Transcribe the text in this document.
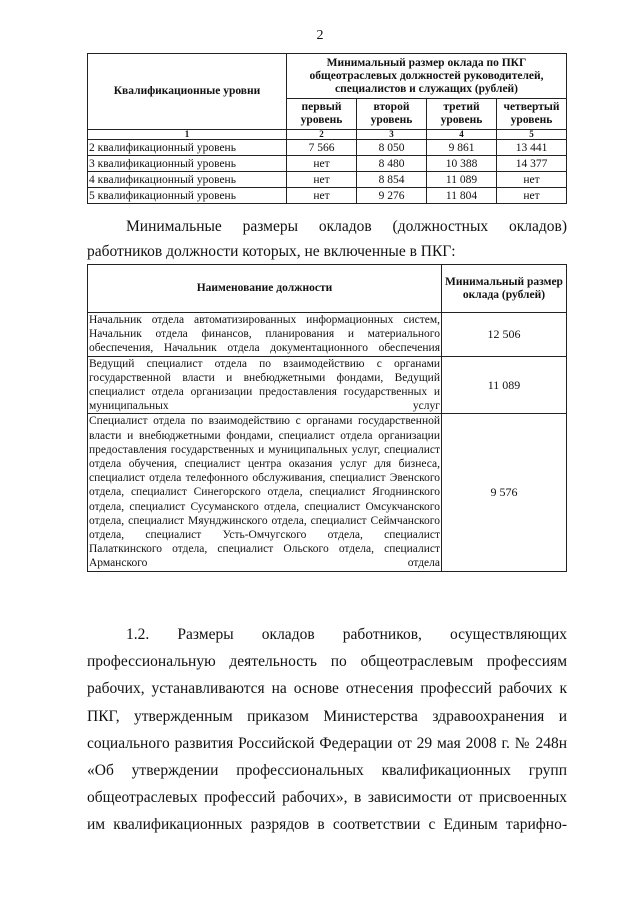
2
Квалификационные уровни	Минимальный размер оклада по ПКГ общеотраслевых должностей руководителей, специалистов и служащих (рублей)			
	первый уровень	второй уровень	третий уровень	четвертый уровень
1	2	3	4	5
2 квалификационный уровень	7 566	8 050	9 861	13 441
3 квалификационный уровень	нет	8 480	10 388	14 377
4 квалификационный уровень	нет	8 854	11 089	нет
5 квалификационный уровень	нет	9 276	11 804	нет
Минимальные размеры окладов (должностных окладов) работников должности которых, не включенные в ПКГ:
Наименование должности	Минимальный размер оклада (рублей)
Начальник отдела автоматизированных информационных систем, Начальник отдела финансов, планирования и материального обеспечения, Начальник отдела документационного обеспечения	12 506
Ведущий специалист отдела по взаимодействию с органами государственной власти и внебюджетными фондами, Ведущий специалист отдела организации предоставления государственных и муниципальных услуг	11 089
Специалист отдела по взаимодействию с органами государственной власти и внебюджетными фондами, специалист отдела организации предоставления государственных и муниципальных услуг, специалист отдела обучения, специалист центра оказания услуг для бизнеса, специалист отдела телефонного обслуживания, специалист Эвенского отдела, специалист Синегорского отдела, специалист Ягоднинского отдела, специалист Сусуманского отдела, специалист Омсукчанского отдела, специалист Мяунджинского отдела, специалист Сеймчанского отдела, специалист Усть-Омчугского отдела, специалист Палаткинского отдела, специалист Ольского отдела, специалист Арманского отдела	9 576
1.2. Размеры окладов работников, осуществляющих профессиональную деятельность по общеотраслевым профессиям рабочих, устанавливаются на основе отнесения профессий рабочих к ПКГ, утвержденным приказом Министерства здравоохранения и социального развития Российской Федерации от 29 мая 2008 г. № 248н «Об утверждении профессиональных квалификационных групп общеотраслевых профессий рабочих», в зависимости от присвоенных им квалификационных разрядов в соответствии с Единым тарифно-
